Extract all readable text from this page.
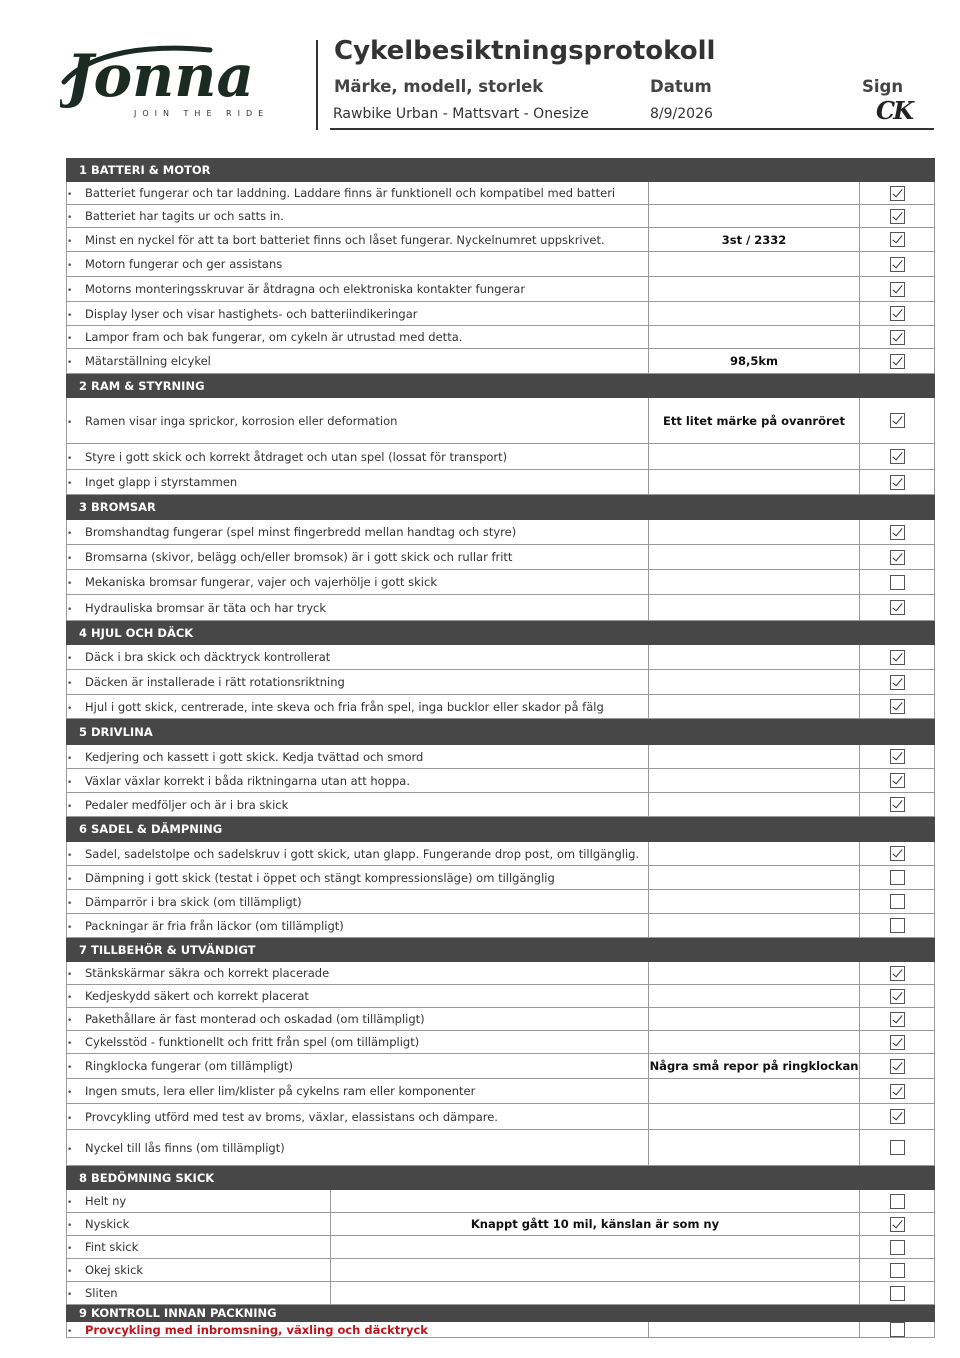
Jonna
JOIN THE RIDE
Cykelbesiktningsprotokoll
Märke, modell, storlek	Datum	Sign
Rawbike Urban - Mattsvart - Onesize	8/9/2026	CK
1 BATTERI & MOTOR			
• Batteriet fungerar och tar laddning. Laddare finns är funktionell och kompatibel med batteri			
• Batteriet har tagits ur och satts in.			
• Minst en nyckel för att ta bort batteriet finns och låset fungerar. Nyckelnumret uppskrivet.		3st / 2332	
• Motorn fungerar och ger assistans			
• Motorns monteringsskruvar är åtdragna och elektroniska kontakter fungerar			
• Display lyser och visar hastighets- och batteriindikeringar			
• Lampor fram och bak fungerar, om cykeln är utrustad med detta.			
• Mätarställning elcykel		98,5km	
2 RAM & STYRNING			
• Ramen visar inga sprickor, korrosion eller deformation		Ett litet märke på ovanröret	
• Styre i gott skick och korrekt åtdraget och utan spel (lossat för transport)			
• Inget glapp i styrstammen			
3 BROMSAR			
• Bromshandtag fungerar (spel minst fingerbredd mellan handtag och styre)			
• Bromsarna (skivor, belägg och/eller bromsok) är i gott skick och rullar fritt			
• Mekaniska bromsar fungerar, vajer och vajerhölje i gott skick			
• Hydrauliska bromsar är täta och har tryck			
4 HJUL OCH DÄCK			
• Däck i bra skick och däcktryck kontrollerat			
• Däcken är installerade i rätt rotationsriktning			
• Hjul i gott skick, centrerade, inte skeva och fria från spel, inga bucklor eller skador på fälg			
5 DRIVLINA			
• Kedjering och kassett i gott skick. Kedja tvättad och smord			
• Växlar växlar korrekt i båda riktningarna utan att hoppa.			
• Pedaler medföljer och är i bra skick			
6 SADEL & DÄMPNING			
• Sadel, sadelstolpe och sadelskruv i gott skick, utan glapp. Fungerande drop post, om tillgänglig.			
• Dämpning i gott skick (testat i öppet och stängt kompressionsläge) om tillgänglig			
• Dämparrör i bra skick (om tillämpligt)			
• Packningar är fria från läckor (om tillämpligt)			
7 TILLBEHÖR & UTVÄNDIGT			
• Stänkskärmar säkra och korrekt placerade			
• Kedjeskydd säkert och korrekt placerat			
• Pakethållare är fast monterad och oskadad (om tillämpligt)			
• Cykelsstöd - funktionellt och fritt från spel (om tillämpligt)			
• Ringklocka fungerar (om tillämpligt)		Några små repor på ringklockan	
• Ingen smuts, lera eller lim/klister på cykelns ram eller komponenter			
• Provcykling utförd med test av broms, växlar, elassistans och dämpare.			
• Nyckel till lås finns (om tillämpligt)			
8 BEDÖMNING SKICK			
• Helt ny			
• Nyskick	Knappt gått 10 mil, känslan är som ny		
• Fint skick			
• Okej skick			
• Sliten			
9 KONTROLL INNAN PACKNING			
• Provcykling med inbromsning, växling och däcktryck			
